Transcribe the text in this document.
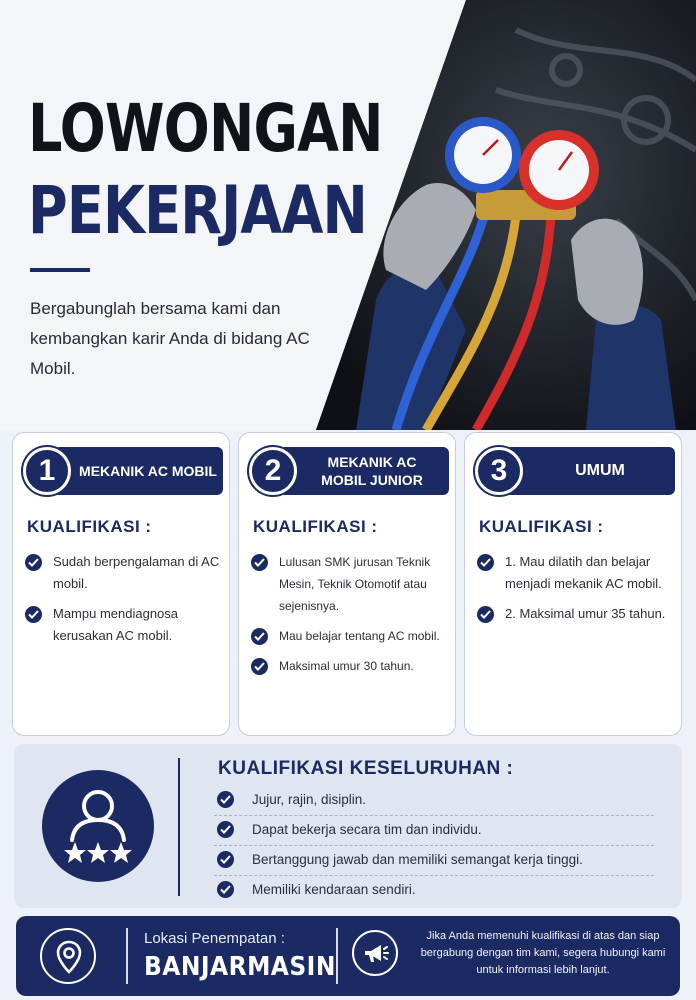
LOWONGAN
PEKERJAAN

Bergabunglah bersama kami dan kembangkan karir Anda di bidang AC Mobil.

1	MEKANIK AC MOBIL
KUALIFIKASI :
Sudah berpengalaman di AC mobil.
Mampu mendiagnosa kerusakan AC mobil.
2	MEKANIK AC MOBIL JUNIOR
KUALIFIKASI :
Lulusan SMK jurusan Teknik Mesin, Teknik Otomotif atau sejenisnya.
Mau belajar tentang AC mobil.
Maksimal umur 30 tahun.
3	UMUM
KUALIFIKASI :
1. Mau dilatih dan belajar menjadi mekanik AC mobil.
2. Maksimal umur 35 tahun.
KUALIFIKASI KESELURUHAN :
Jujur, rajin, disiplin.
Dapat bekerja secara tim dan individu.
Bertanggung jawab dan memiliki semangat kerja tinggi.
Memiliki kendaraan sendiri.
Lokasi Penempatan :
BANJARMASIN

Jika Anda memenuhi kualifikasi di atas dan siap bergabung dengan tim kami, segera hubungi kami untuk informasi lebih lanjut.
